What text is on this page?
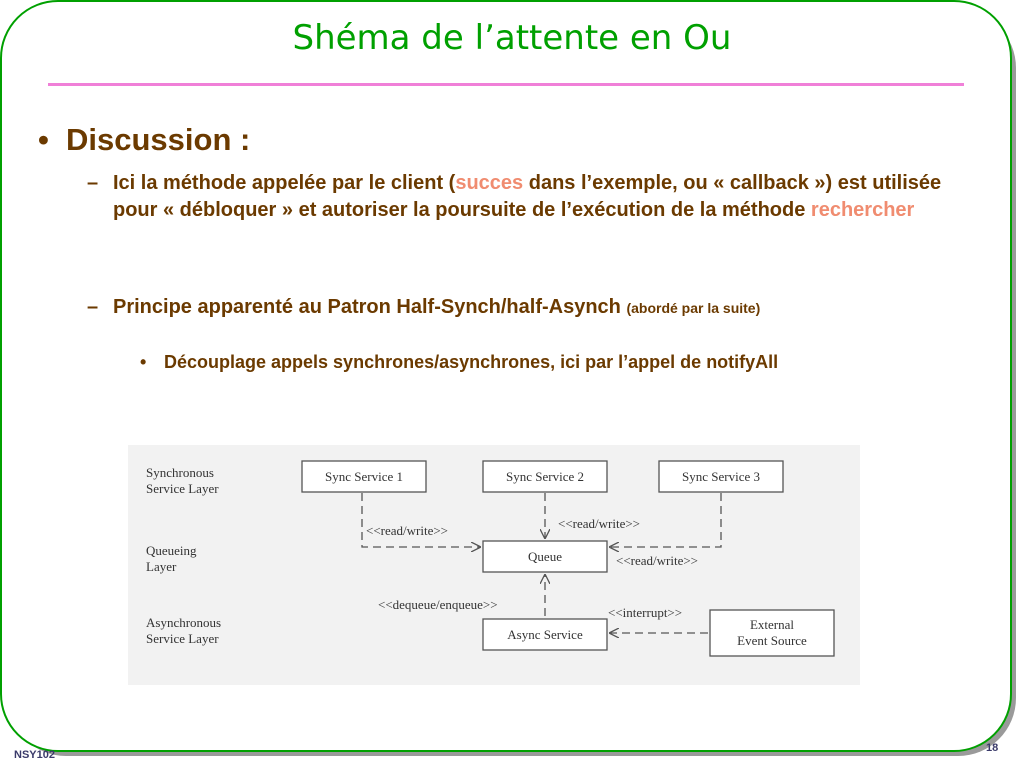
Shéma de l’attente en Ou
• Discussion :
– Ici la méthode appelée par le client (succes dans l’exemple, ou « callback ») est utilisée pour « débloquer » et autoriser la poursuite de l’exécution de la méthode rechercher
– Principe apparenté au Patron Half-Synch/half-Asynch (abordé par la suite)
• Découplage appels synchrones/asynchrones, ici par l’appel de notifyAll
Synchronous
Service Layer
Queueing
Layer
Asynchronous
Service Layer
Sync Service 1	Sync Service 2	Sync Service 3
Queue
Async Service
External
Event Source
<<read/write>>	<<read/write>>
<<read/write>>
<<dequeue/enqueue>>
<<interrupt>>
NSY102
18
